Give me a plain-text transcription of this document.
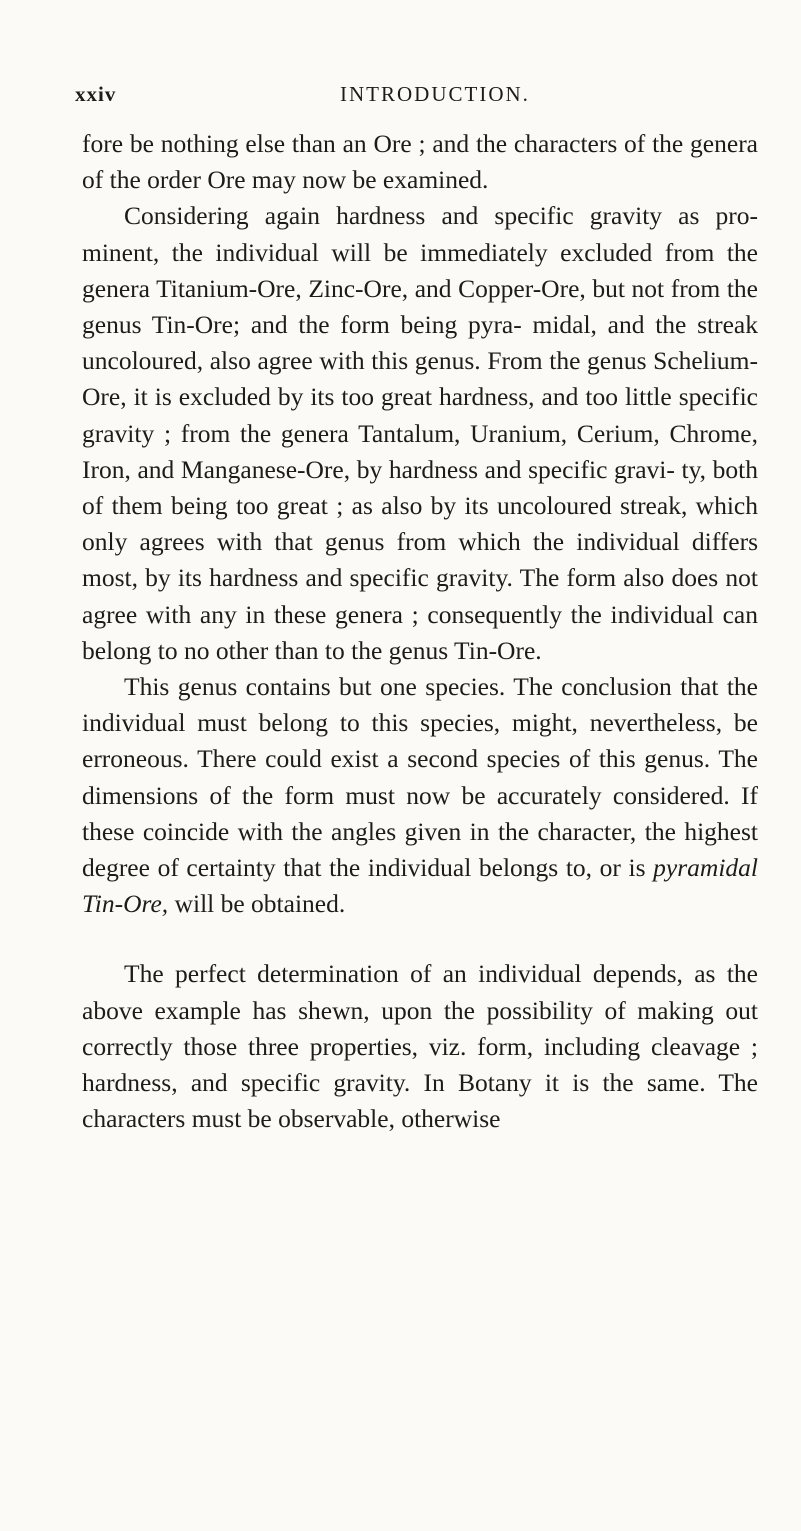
xxiv	INTRODUCTION.

fore be nothing else than an Ore ; and the characters of the genera of the order Ore may now be examined.

Considering again hardness and specific gravity as pro- minent, the individual will be immediately excluded from the genera Titanium-Ore, Zinc-Ore, and Copper-Ore, but not from the genus Tin-Ore; and the form being pyra- midal, and the streak uncoloured, also agree with this genus. From the genus Schelium-Ore, it is excluded by its too great hardness, and too little specific gravity ; from the genera Tantalum, Uranium, Cerium, Chrome, Iron, and Manganese-Ore, by hardness and specific gravi- ty, both of them being too great ; as also by its uncoloured streak, which only agrees with that genus from which the individual differs most, by its hardness and specific gravity. The form also does not agree with any in these genera ; consequently the individual can belong to no other than to the genus Tin-Ore.

This genus contains but one species. The conclusion that the individual must belong to this species, might, nevertheless, be erroneous. There could exist a second species of this genus. The dimensions of the form must now be accurately considered. If these coincide with the angles given in the character, the highest degree of certainty that the individual belongs to, or is pyramidal Tin-Ore, will be obtained.

The perfect determination of an individual depends, as the above example has shewn, upon the possibility of making out correctly those three properties, viz. form, including cleavage ; hardness, and specific gravity. In Botany it is the same. The characters must be observable, otherwise
